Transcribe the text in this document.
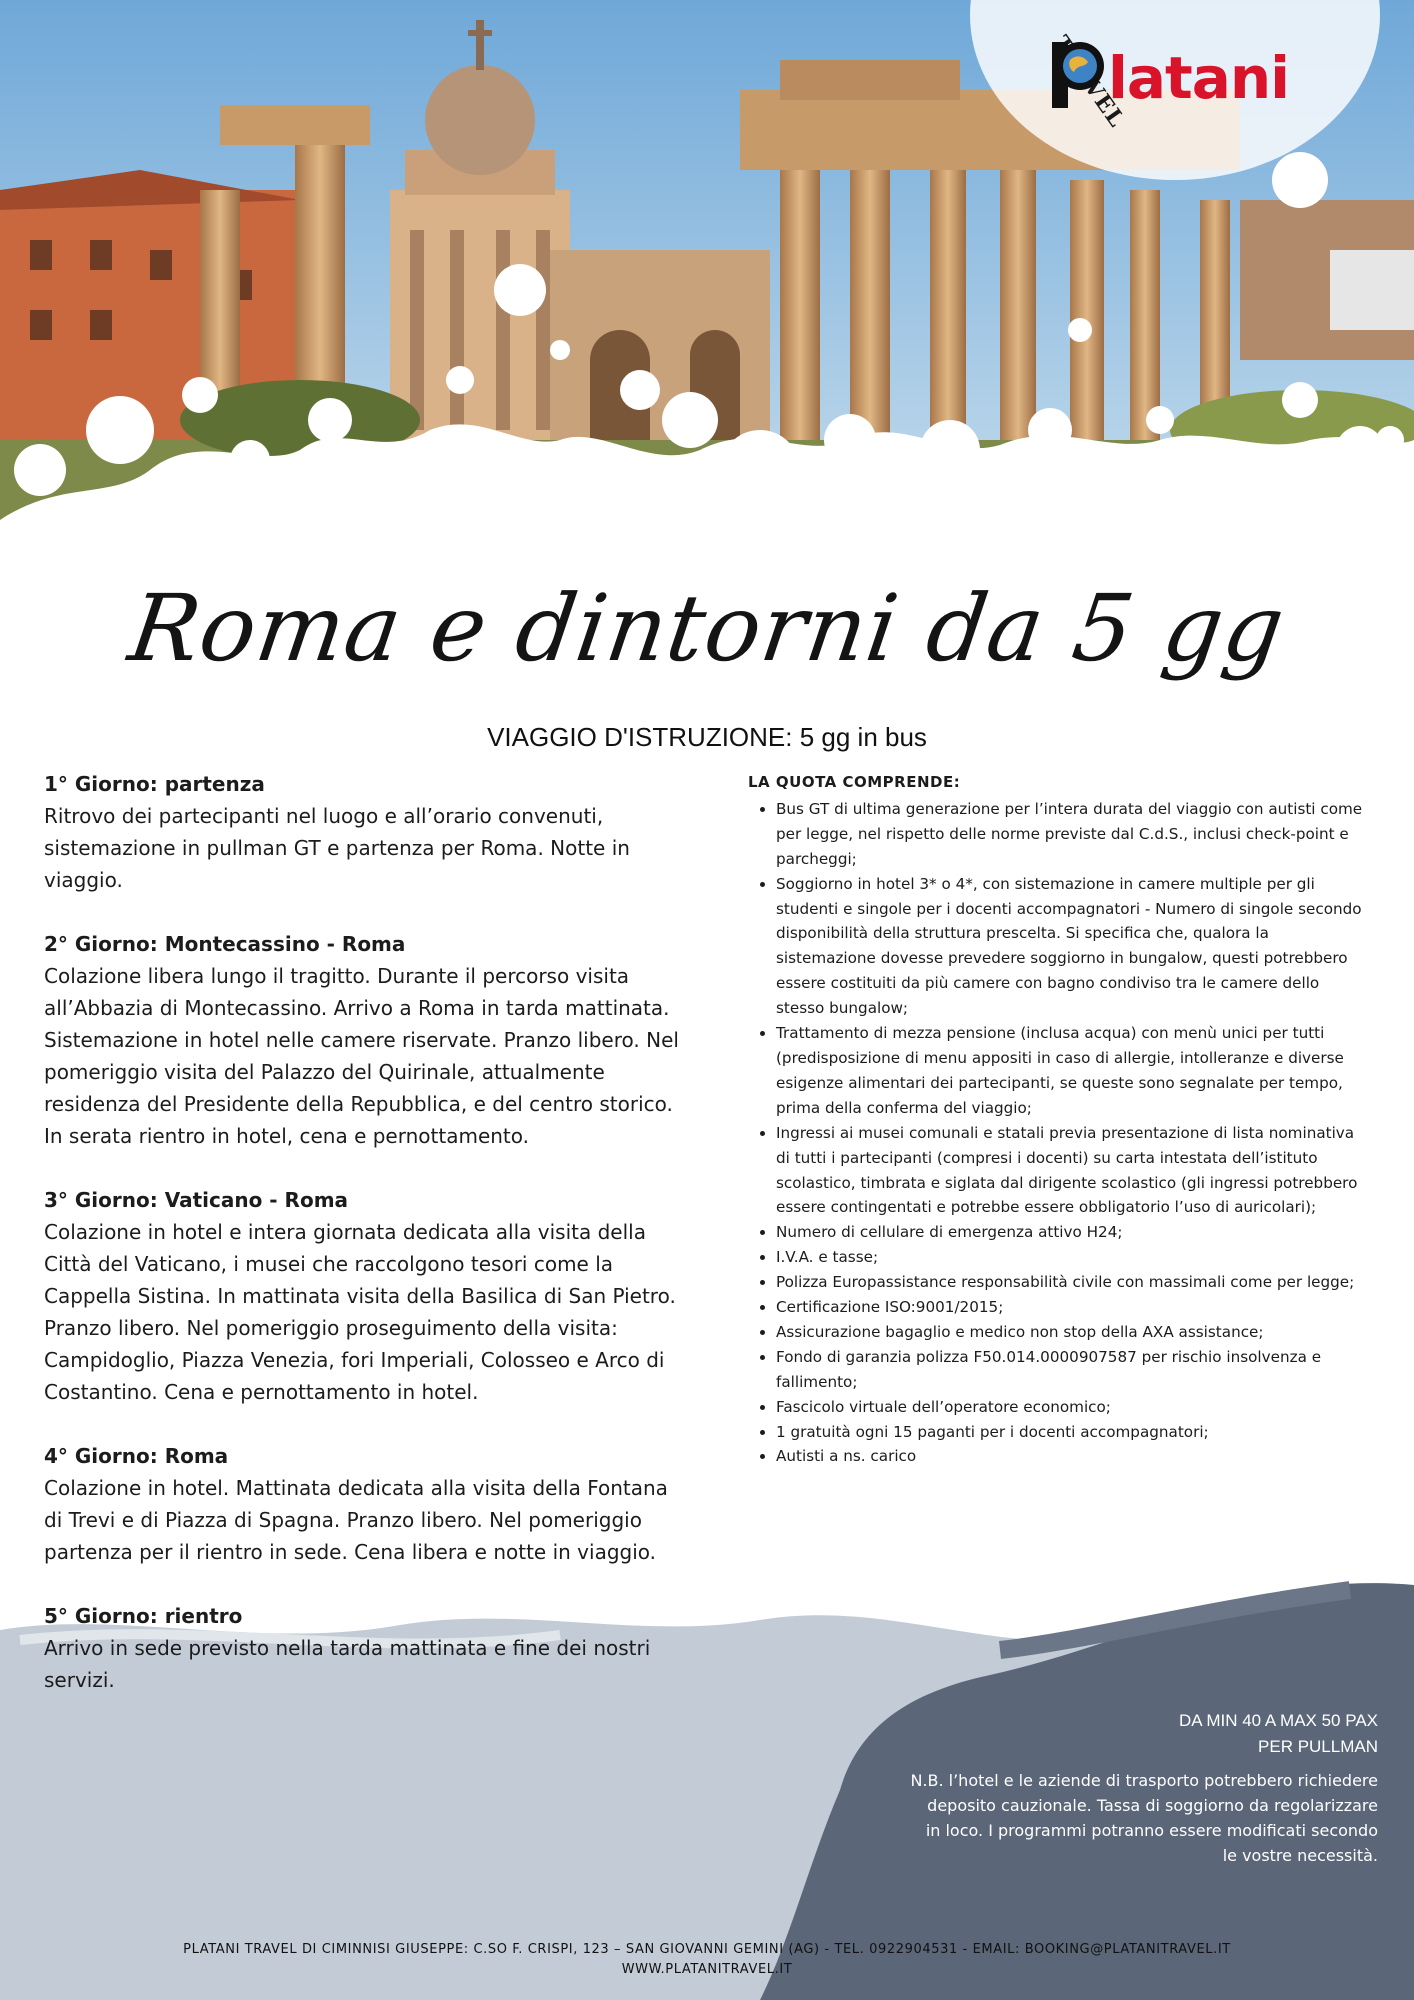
latani
Roma e dintorni da 5 gg
VIAGGIO D'ISTRUZIONE: 5 gg in bus
1° Giorno: partenza

Ritrovo dei partecipanti nel luogo e all’orario convenuti, sistemazione in pullman GT e partenza per Roma. Notte in viaggio.

2° Giorno: Montecassino - Roma

Colazione libera lungo il tragitto. Durante il percorso visita all’Abbazia di Montecassino. Arrivo a Roma in tarda mattinata. Sistemazione in hotel nelle camere riservate. Pranzo libero. Nel pomeriggio visita del Palazzo del Quirinale, attualmente residenza del Presidente della Repubblica, e del centro storico. In serata rientro in hotel, cena e pernottamento.

3° Giorno: Vaticano - Roma

Colazione in hotel e intera giornata dedicata alla visita della Città del Vaticano, i musei che raccolgono tesori come la Cappella Sistina. In mattinata visita della Basilica di San Pietro. Pranzo libero. Nel pomeriggio proseguimento della visita: Campidoglio, Piazza Venezia, fori Imperiali, Colosseo e Arco di Costantino. Cena e pernottamento in hotel.

4° Giorno: Roma

Colazione in hotel. Mattinata dedicata alla visita della Fontana di Trevi e di Piazza di Spagna. Pranzo libero. Nel pomeriggio partenza per il rientro in sede. Cena libera e notte in viaggio.

5° Giorno: rientro

Arrivo in sede previsto nella tarda mattinata e fine dei nostri servizi.

LA QUOTA COMPRENDE:
• Bus GT di ultima generazione per l’intera durata del viaggio con autisti come per legge, nel rispetto delle norme previste dal C.d.S., inclusi check-point e parcheggi;
• Soggiorno in hotel 3* o 4*, con sistemazione in camere multiple per gli studenti e singole per i docenti accompagnatori - Numero di singole secondo disponibilità della struttura prescelta. Si specifica che, qualora la sistemazione dovesse prevedere soggiorno in bungalow, questi potrebbero essere costituiti da più camere con bagno condiviso tra le camere dello stesso bungalow;
• Trattamento di mezza pensione (inclusa acqua) con menù unici per tutti (predisposizione di menu appositi in caso di allergie, intolleranze e diverse esigenze alimentari dei partecipanti, se queste sono segnalate per tempo, prima della conferma del viaggio;
• Ingressi ai musei comunali e statali previa presentazione di lista nominativa di tutti i partecipanti (compresi i docenti) su carta intestata dell’istituto scolastico, timbrata e siglata dal dirigente scolastico (gli ingressi potrebbero essere contingentati e potrebbe essere obbligatorio l’uso di auricolari);
• Numero di cellulare di emergenza attivo H24;
• I.V.A. e tasse;
• Polizza Europassistance responsabilità civile con massimali come per legge;
• Certificazione ISO:9001/2015;
• Assicurazione bagaglio e medico non stop della AXA assistance;
• Fondo di garanzia polizza F50.014.0000907587 per rischio insolvenza e fallimento;
• Fascicolo virtuale dell’operatore economico;
• 1 gratuità ogni 15 paganti per i docenti accompagnatori;
• Autisti a ns. carico
DA MIN 40 A MAX 50 PAX
PER PULLMAN
N.B. l’hotel e le aziende di trasporto potrebbero richiedere deposito cauzionale. Tassa di soggiorno da regolarizzare in loco. I programmi potranno essere modificati secondo le vostre necessità.
PLATANI TRAVEL DI CIMINNISI GIUSEPPE: C.SO F. CRISPI, 123 – SAN GIOVANNI GEMINI (AG) - TEL. 0922904531 - EMAIL: BOOKING@PLATANITRAVEL.IT
WWW.PLATANITRAVEL.IT
